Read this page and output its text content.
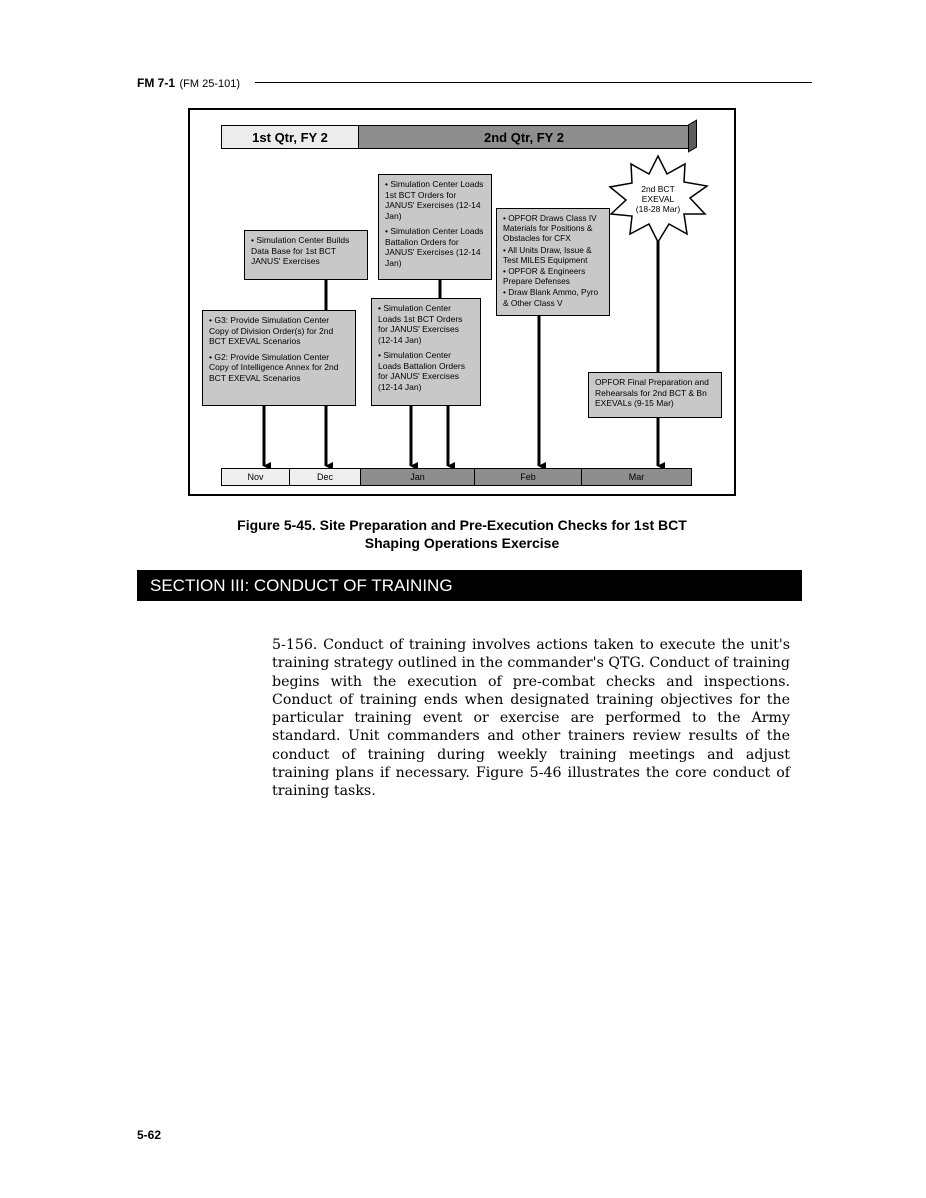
FM 7-1 (FM 25-101)
1st Qtr, FY 2	2nd Qtr, FY 2
2nd BCT
EXEVAL
(18-28 Mar)

• G3: Provide Simulation Center Copy of Division Order(s) for 2nd BCT EXEVAL Scenarios

• G2: Provide Simulation Center Copy of Intelligence Annex for 2nd BCT EXEVAL Scenarios

• Simulation Center Builds Data Base for 1st BCT JANUS' Exercises

• Simulation Center Loads 1st BCT Orders for JANUS' Exercises (12-14 Jan)

• Simulation Center Loads Battalion Orders for JANUS' Exercises (12-14 Jan)

• Simulation Center Loads 1st BCT Orders for JANUS' Exercises (12-14 Jan)

• Simulation Center Loads Battalion Orders for JANUS' Exercises (12-14 Jan)

• OPFOR Draws Class IV Materials for Positions & Obstacles for CFX

• All Units Draw, Issue & Test MILES Equipment

• OPFOR & Engineers Prepare Defenses

• Draw Blank Ammo, Pyro & Other Class V

OPFOR Final Preparation and Rehearsals for 2nd BCT & Bn EXEVALs (9-15 Mar)

Nov	Dec	Jan	Feb	Mar
Figure 5-45. Site Preparation and Pre-Execution Checks for 1st BCT
Shaping Operations Exercise
SECTION III: CONDUCT OF TRAINING
5-156. Conduct of training involves actions taken to execute the unit's training strategy outlined in the commander's QTG. Conduct of training begins with the execution of pre-combat checks and inspections. Conduct of training ends when designated training objectives for the particular training event or exercise are performed to the Army standard. Unit commanders and other trainers review results of the conduct of training during weekly training meetings and adjust training plans if necessary. Figure 5-46 illustrates the core conduct of training tasks.
5-62
